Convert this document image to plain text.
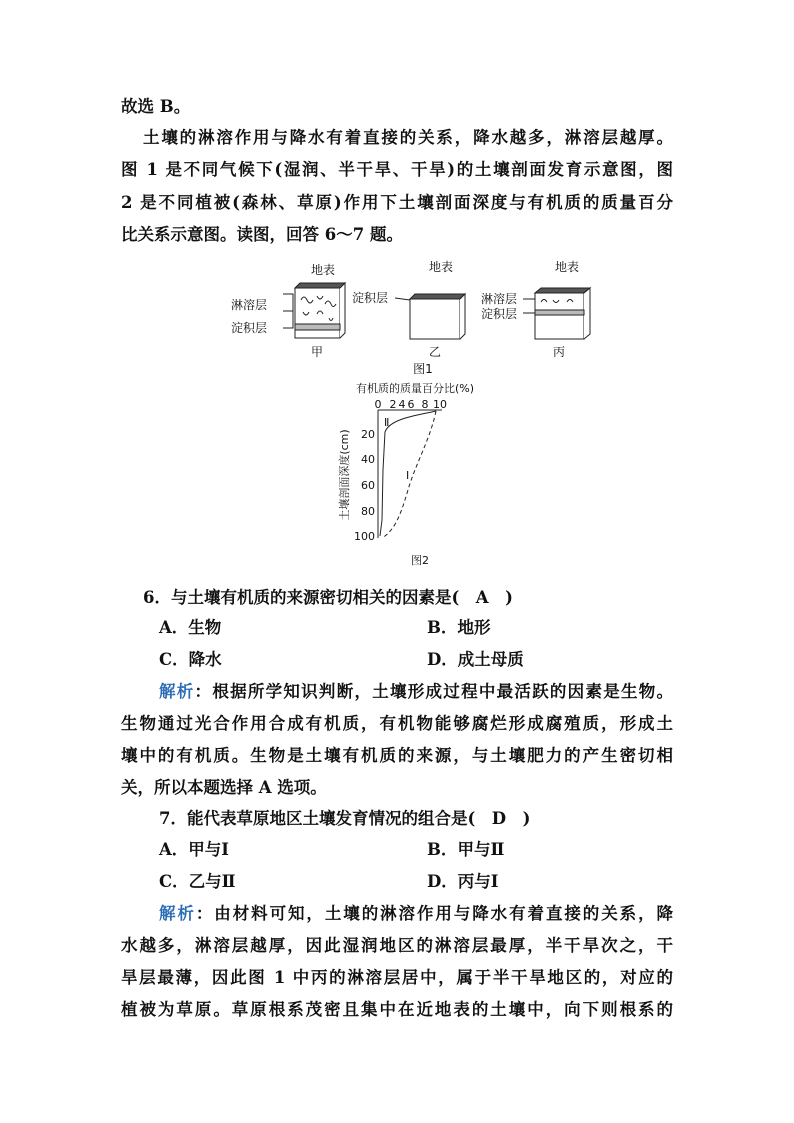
故选 B。
土壤的淋溶作用与降水有着直接的关系，降水越多，淋溶层越厚。
图 1 是不同气候下(湿润、半干旱、干旱)的土壤剖面发育示意图，图
2 是不同植被(森林、草原)作用下土壤剖面深度与有机质的质量百分
比关系示意图。读图，回答 6～7 题。
地表
淋溶层
淀积层
甲
地表
淀积层
乙
地表
淋溶层
淀积层
丙
图1
有机质的质量百分比(%)
0 2 4 6 8 10
20
40
60
80
100
土壤剖面深度(cm)
Ⅱ
Ⅰ
图2
6．与土壤有机质的来源密切相关的因素是(　A　)
A．生物	B．地形
C．降水	D．成土母质
解析：根据所学知识判断，土壤形成过程中最活跃的因素是生物。
生物通过光合作用合成有机质，有机物能够腐烂形成腐殖质，形成土
壤中的有机质。生物是土壤有机质的来源，与土壤肥力的产生密切相
关，所以本题选择 A 选项。
7．能代表草原地区土壤发育情况的组合是(　D　)
A．甲与Ⅰ	B．甲与Ⅱ
C．乙与Ⅱ	D．丙与Ⅰ
解析：由材料可知，土壤的淋溶作用与降水有着直接的关系，降
水越多，淋溶层越厚，因此湿润地区的淋溶层最厚，半干旱次之，干
旱层最薄，因此图 1 中丙的淋溶层居中，属于半干旱地区的，对应的
植被为草原。草原根系茂密且集中在近地表的土壤中，向下则根系的
